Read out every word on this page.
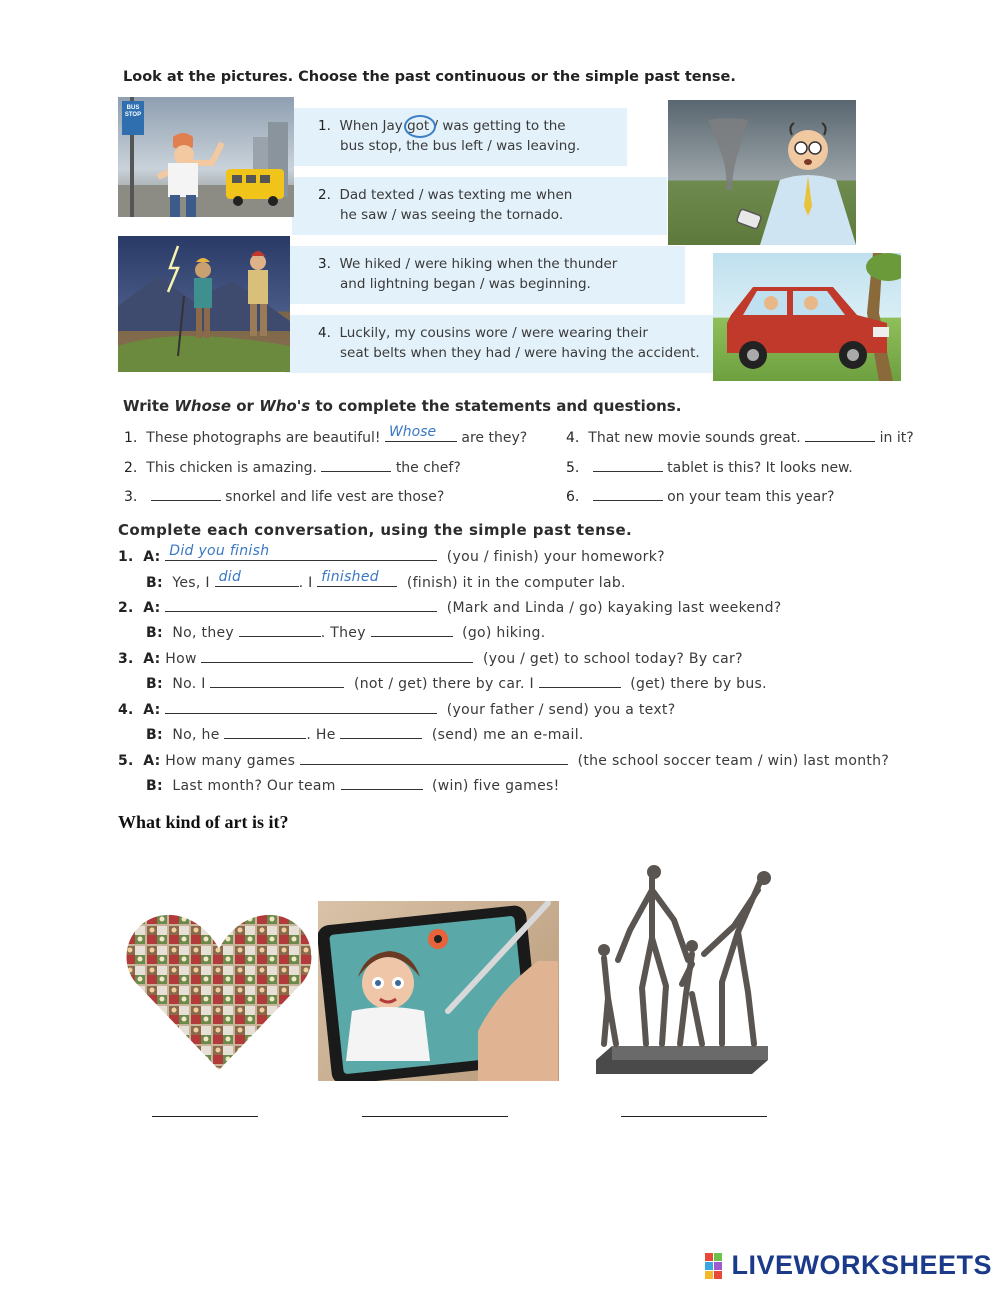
Look at the pictures. Choose the past continuous or the simple past tense.
BUS STOP
1. When Jay got / was getting to the
bus stop, the bus left / was leaving.
2. Dad texted / was texting me when
he saw / was seeing the tornado.
3. We hiked / were hiking when the thunder
and lightning began / was beginning.
4. Luckily, my cousins wore / were wearing their
seat belts when they had / were having the accident.
Write Whose or Who's to complete the statements and questions.
1. These photographs are beautiful! Whose are they?
2. This chicken is amazing.	the chef?
3.	snorkel and life vest are those?
4. That new movie sounds great.	in it?
5.	tablet is this? It looks new.
6.	on your team this year?
Complete each conversation, using the simple past tense.
1. A: Did you finish	(you / finish) your homework?
B: Yes, I did	. I finished (finish) it in the computer lab.
2. A:	(Mark and Linda / go) kayaking last weekend?
B: No, they	. They	(go) hiking.
3. A: How	(you / get) to school today? By car?
B: No. I	(not / get) there by car. I	(get) there by bus.
4. A:	(your father / send) you a text?
B: No, he	. He	(send) me an e-mail.
5. A: How many games	(the school soccer team / win) last month?
B: Last month? Our team	(win) five games!
What kind of art is it?
LIVEWORKSHEETS
